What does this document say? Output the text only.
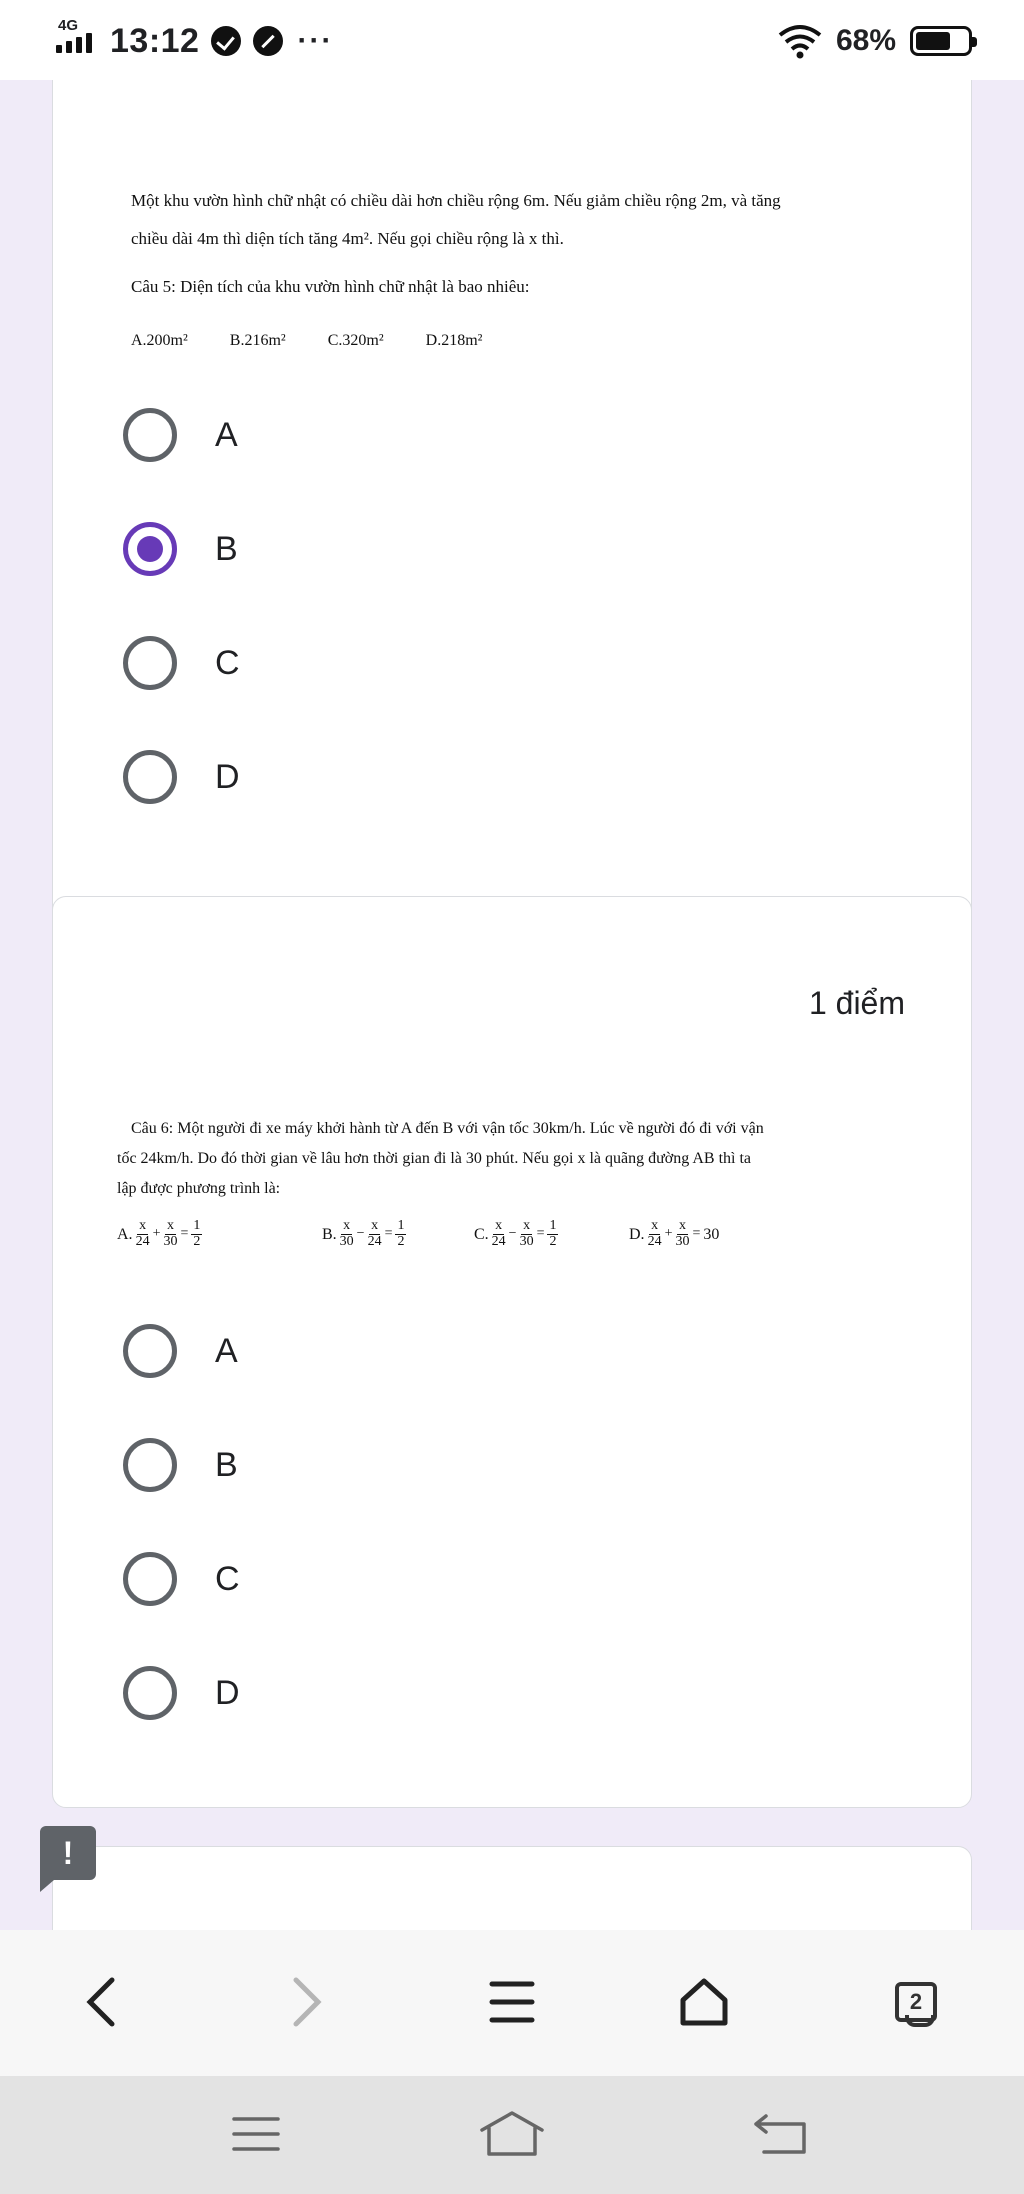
4G 13:12	···	68%
Một khu vườn hình chữ nhật có chiều dài hơn chiều rộng 6m. Nếu giảm chiều rộng 2m, và tăng
chiều dài 4m thì diện tích tăng 4m². Nếu gọi chiều rộng là x thì.
Câu 5: Diện tích của khu vườn hình chữ nhật là bao nhiêu:
A.200m²	B.216m²	C.320m²	D.218m²
A
B
C
D
1 điểm
Câu 6: Một người đi xe máy khởi hành từ A đến B với vận tốc 30km/h. Lúc về người đó đi với vận
tốc 24km/h. Do đó thời gian về lâu hơn thời gian đi là 30 phút. Nếu gọi x là quãng đường AB thì ta
lập được phương trình là:
A. $\frac{x}{24} + \frac{x}{30} = \frac{1}{2}$	B. $\frac{x}{30} - \frac{x}{24} = \frac{1}{2}$	C. $\frac{x}{24} - \frac{x}{30} = \frac{1}{2}$	D. $\frac{x}{24} + \frac{x}{30} = 30$
A
B
C
D
!
2
